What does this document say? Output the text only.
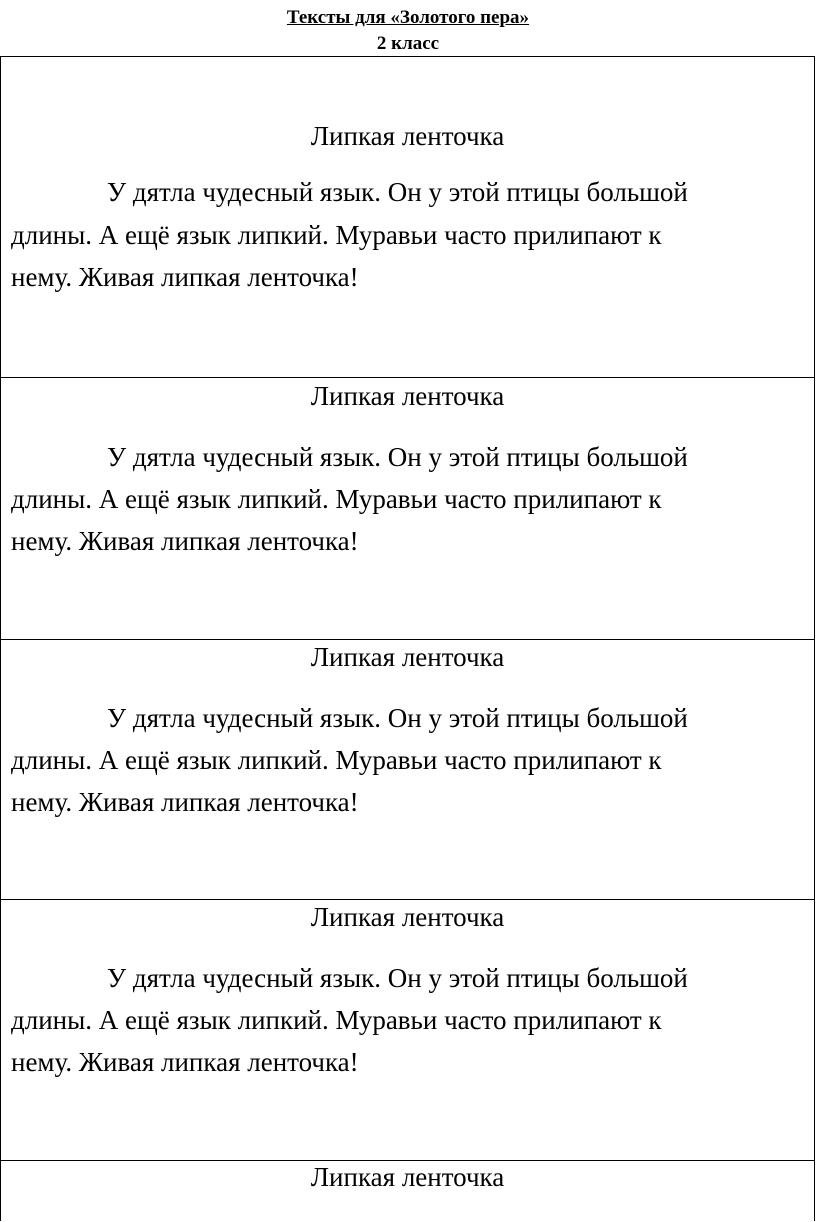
Тексты для «Золотого пера»
2 класс
Липкая ленточка
У дятла чудесный язык. Он у этой птицы большой
длины. А ещё язык липкий. Муравьи часто прилипают к
нему. Живая липкая ленточка!
Липкая ленточка
У дятла чудесный язык. Он у этой птицы большой
длины. А ещё язык липкий. Муравьи часто прилипают к
нему. Живая липкая ленточка!
Липкая ленточка
У дятла чудесный язык. Он у этой птицы большой
длины. А ещё язык липкий. Муравьи часто прилипают к
нему. Живая липкая ленточка!
Липкая ленточка
У дятла чудесный язык. Он у этой птицы большой
длины. А ещё язык липкий. Муравьи часто прилипают к
нему. Живая липкая ленточка!
Липкая ленточка
